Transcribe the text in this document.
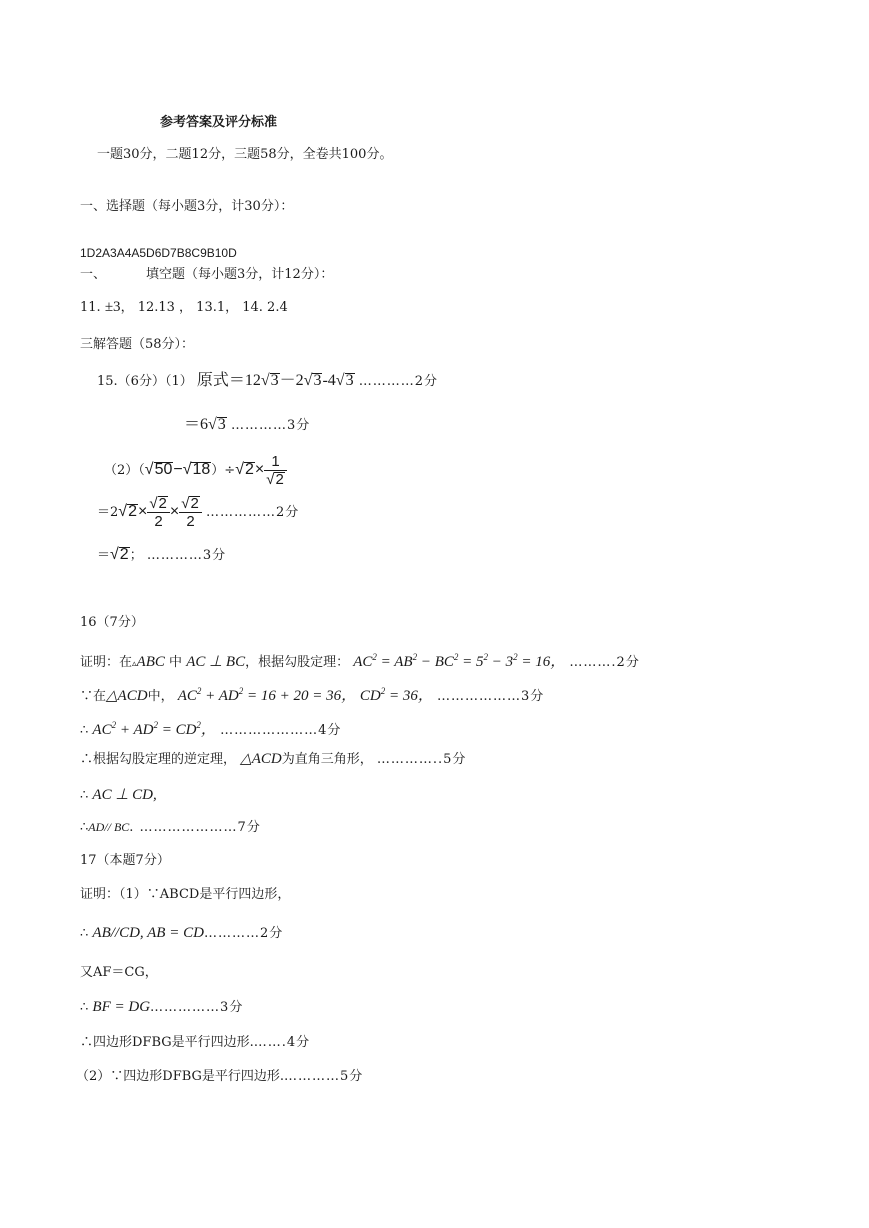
参考答案及评分标准
一题30分，二题12分，三题58分，全卷共100分。
一、选择题（每小题3分，计30分）：
1D2A3A4A5D6D7B8C9B10D
一、	填空题（每小题3分，计12分）：
11. ±3， 12.13 ， 13.1， 14. 2.4
三解答题（58分）：
15.（6分）（1） 原式＝12√3－2√3-4√3 …………2分
＝6√3 …………3分
$(2)(√50-√18)\div√2\times \frac{1}{√2}$
$=2√2\times \frac{√2}{2} \times \frac{√2}{2}$ ……………2分
＝√2； …………3分
16（7分）
证明：在▵ABC 中 AC ⊥ BC，根据勾股定理： $AC^2 = AB^2 - BC^2 = 5^2 - 3^2 = 16$， ……….2分
∵在△ACD中， $AC^2 + AD^2 = 16 + 20 = 36$， $CD^2 = 36$， ………………3分
∴ $AC^2 + AD^2 = CD^2$， …………………4分
∴根据勾股定理的逆定理， △ACD为直角三角形， …………..5分
∴ AC ⊥ CD,
∴AD// BC. …………………7分
17（本题7分）
证明：（1）∵ABCD是平行四边形，
∴ AB//CD, AB = CD…………2分
又AF＝CG，
∴ BF = DG……………3分
∴四边形DFBG是平行四边形.…….4分
（2）∵四边形DFBG是平行四边形.…………5分
